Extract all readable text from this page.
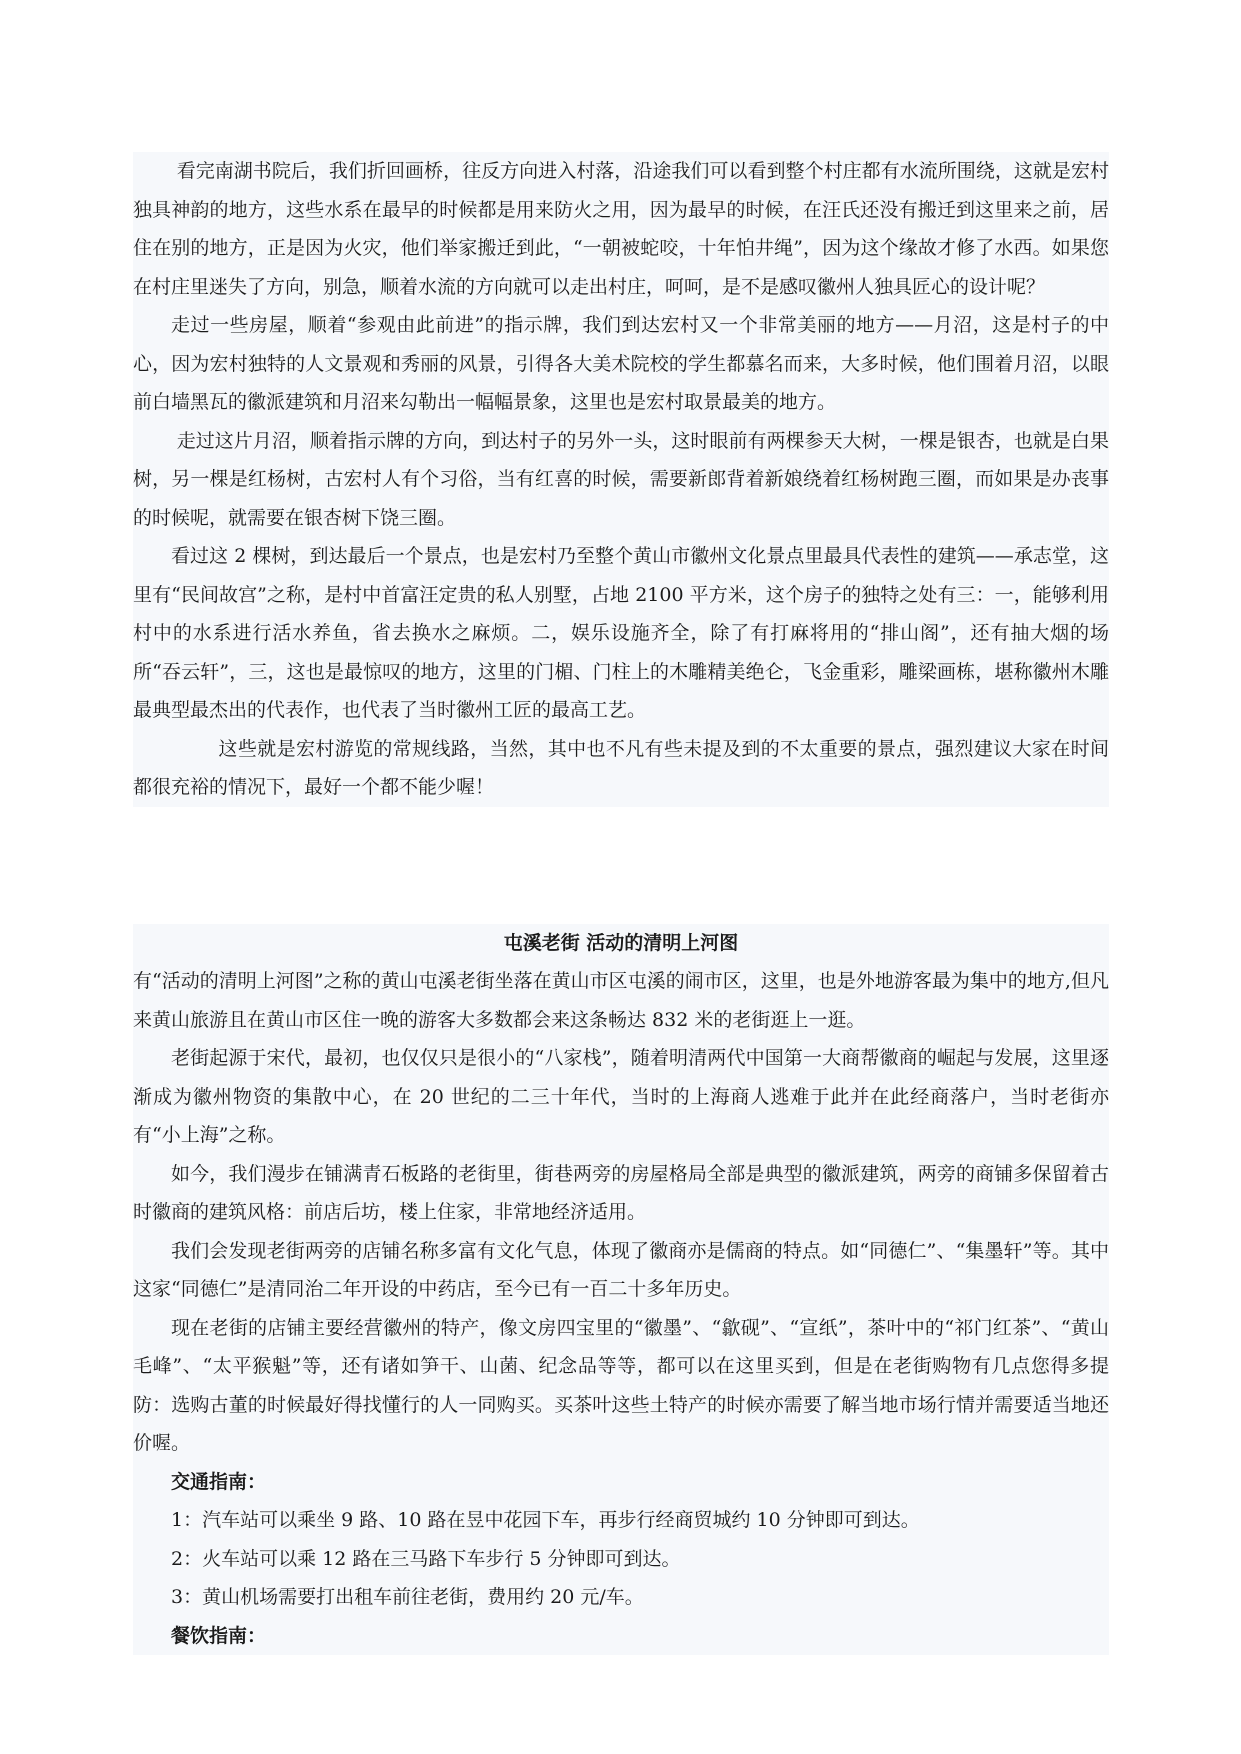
看完南湖书院后，我们折回画桥，往反方向进入村落，沿途我们可以看到整个村庄都有水流所围绕，这就是宏村独具神韵的地方，这些水系在最早的时候都是用来防火之用，因为最早的时候，在汪氏还没有搬迁到这里来之前，居住在别的地方，正是因为火灾，他们举家搬迁到此，“一朝被蛇咬，十年怕井绳”，因为这个缘故才修了水西。如果您在村庄里迷失了方向，别急，顺着水流的方向就可以走出村庄，呵呵，是不是感叹徽州人独具匠心的设计呢？

走过一些房屋，顺着“参观由此前进”的指示牌，我们到达宏村又一个非常美丽的地方——月沼，这是村子的中心，因为宏村独特的人文景观和秀丽的风景，引得各大美术院校的学生都慕名而来，大多时候，他们围着月沼，以眼前白墙黑瓦的徽派建筑和月沼来勾勒出一幅幅景象，这里也是宏村取景最美的地方。

走过这片月沼，顺着指示牌的方向，到达村子的另外一头，这时眼前有两棵参天大树，一棵是银杏，也就是白果树，另一棵是红杨树，古宏村人有个习俗，当有红喜的时候，需要新郎背着新娘绕着红杨树跑三圈，而如果是办丧事的时候呢，就需要在银杏树下饶三圈。

看过这 2 棵树，到达最后一个景点，也是宏村乃至整个黄山市徽州文化景点里最具代表性的建筑——承志堂，这里有“民间故宫”之称，是村中首富汪定贵的私人别墅，占地 2100 平方米，这个房子的独特之处有三：一，能够利用村中的水系进行活水养鱼，省去换水之麻烦。二，娱乐设施齐全，除了有打麻将用的“排山阁”，还有抽大烟的场所“吞云轩”，三，这也是最惊叹的地方，这里的门楣、门柱上的木雕精美绝仑，飞金重彩，雕梁画栋，堪称徽州木雕最典型最杰出的代表作，也代表了当时徽州工匠的最高工艺。

这些就是宏村游览的常规线路，当然，其中也不凡有些未提及到的不太重要的景点，强烈建议大家在时间都很充裕的情况下，最好一个都不能少喔！

屯溪老街 活动的清明上河图

有“活动的清明上河图”之称的黄山屯溪老街坐落在黄山市区屯溪的闹市区，这里，也是外地游客最为集中的地方,但凡来黄山旅游且在黄山市区住一晚的游客大多数都会来这条畅达 832 米的老街逛上一逛。

老街起源于宋代，最初，也仅仅只是很小的“八家栈”，随着明清两代中国第一大商帮徽商的崛起与发展，这里逐渐成为徽州物资的集散中心，在 20 世纪的二三十年代，当时的上海商人逃难于此并在此经商落户，当时老街亦有“小上海”之称。

如今，我们漫步在铺满青石板路的老街里，街巷两旁的房屋格局全部是典型的徽派建筑，两旁的商铺多保留着古时徽商的建筑风格：前店后坊，楼上住家，非常地经济适用。

我们会发现老街两旁的店铺名称多富有文化气息，体现了徽商亦是儒商的特点。如“同德仁”、“集墨轩”等。其中这家“同德仁”是清同治二年开设的中药店，至今已有一百二十多年历史。

现在老街的店铺主要经营徽州的特产，像文房四宝里的“徽墨”、“歙砚”、“宣纸”，茶叶中的“祁门红茶”、“黄山毛峰”、“太平猴魁”等，还有诸如笋干、山菌、纪念品等等，都可以在这里买到，但是在老街购物有几点您得多提防：选购古董的时候最好得找懂行的人一同购买。买茶叶这些土特产的时候亦需要了解当地市场行情并需要适当地还价喔。

交通指南：

1：汽车站可以乘坐 9 路、10 路在昱中花园下车，再步行经商贸城约 10 分钟即可到达。

2：火车站可以乘 12 路在三马路下车步行 5 分钟即可到达。

3：黄山机场需要打出租车前往老街，费用约 20 元/车。

餐饮指南：
